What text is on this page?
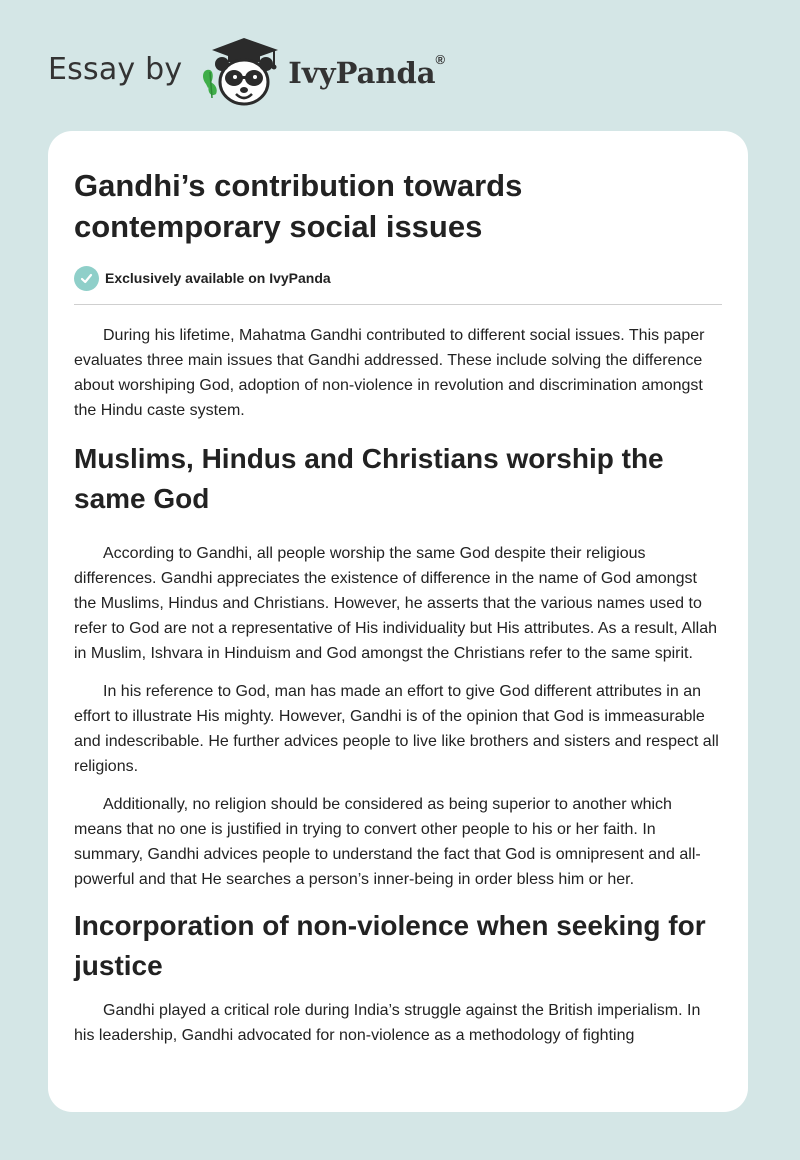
Essay by	IvyPanda®
Gandhi’s contribution towards contemporary social issues
Exclusively available on IvyPanda

During his lifetime, Mahatma Gandhi contributed to different social issues. This paper evaluates three main issues that Gandhi addressed. These include solving the difference about worshiping God, adoption of non-violence in revolution and discrimination amongst the Hindu caste system.

Muslims, Hindus and Christians worship the same God

According to Gandhi, all people worship the same God despite their religious differences. Gandhi appreciates the existence of difference in the name of God amongst the Muslims, Hindus and Christians. However, he asserts that the various names used to refer to God are not a representative of His individuality but His attributes. As a result, Allah in Muslim, Ishvara in Hinduism and God amongst the Christians refer to the same spirit.

In his reference to God, man has made an effort to give God different attributes in an effort to illustrate His mighty. However, Gandhi is of the opinion that God is immeasurable and indescribable. He further advices people to live like brothers and sisters and respect all religions.

Additionally, no religion should be considered as being superior to another which means that no one is justified in trying to convert other people to his or her faith. In summary, Gandhi advices people to understand the fact that God is omnipresent and all-powerful and that He searches a person’s inner-being in order bless him or her.

Incorporation of non-violence when seeking for justice

Gandhi played a critical role during India’s struggle against the British imperialism. In his leadership, Gandhi advocated for non-violence as a methodology of fighting
